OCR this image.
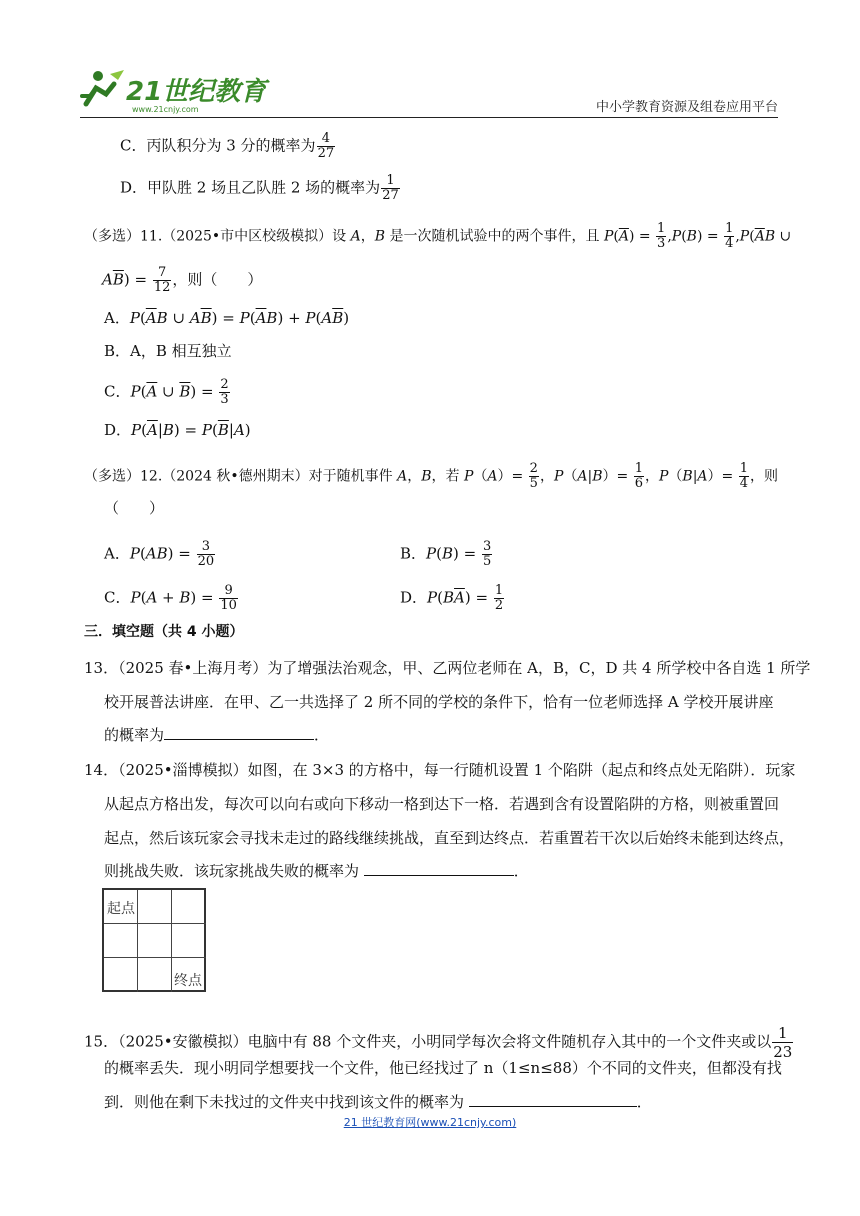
21世纪教育
www.21cnjy.com	中小学教育资源及组卷应用平台
C．丙队积分为 3 分的概率为 $\frac{4}{27}$
D．甲队胜 2 场且乙队胜 2 场的概率为 $\frac{1}{27}$
（多选）11.（2025•市中区校级模拟）设 A，B 是一次随机试验中的两个事件，且 $P(\overline{A}) = \frac{1}{3} ,P(B) = \frac{1}{4} ,P(\overline{A}B$ ∪
$A\overline{B}) = \frac{7}{12}$ ，则（　　）
A．$P(\overline{A}B$ ∪ $A\overline{B}) = P(\overline{A}B) + P(A\overline{B})$
B．A，B 相互独立
C．$P(\overline{A}$ ∪ $\overline{B}) = \frac{2}{3}$
D．$P(\overline{A}|B) = P(\overline{B}|A)$
（多选）12.（2024 秋•德州期末）对于随机事件 A，B，若 $P(A)= \frac{2}{5}$ ，$P(A|B)= \frac{1}{6}$ ，$P(B|A)= \frac{1}{4}$ ，则
（　　）
A．$P(AB) = \frac{3}{20}$	B．$P(B) = \frac{3}{5}$
C．$P(A + B) = \frac{9}{10}$	D．$P(B\overline{A}) = \frac{1}{2}$
三．填空题（共 4 小题）
13．（2025 春•上海月考）为了增强法治观念，甲、乙两位老师在 A，B，C，D 共 4 所学校中各自选 1 所学
校开展普法讲座．在甲、乙一共选择了 2 所不同的学校的条件下，恰有一位老师选择 A 学校开展讲座
的概率为	．
14．（2025•淄博模拟）如图，在 3×3 的方格中，每一行随机设置 1 个陷阱（起点和终点处无陷阱）．玩家
从起点方格出发，每次可以向右或向下移动一格到达下一格．若遇到含有设置陷阱的方格，则被重置回
起点，然后该玩家会寻找未走过的路线继续挑战，直至到达终点．若重置若干次以后始终未能到达终点，
则挑战失败．该玩家挑战失败的概率为	．
起点
终点
15．（2025•安徽模拟）电脑中有 88 个文件夹，小明同学每次会将文件随机存入其中的一个文件夹或以 $\frac{1}{23}$
的概率丢失．现小明同学想要找一个文件，他已经找过了 n（1≤n≤88）个不同的文件夹，但都没有找
到．则他在剩下未找过的文件夹中找到该文件的概率为	．
21 世纪教育网(www.21cnjy.com)
